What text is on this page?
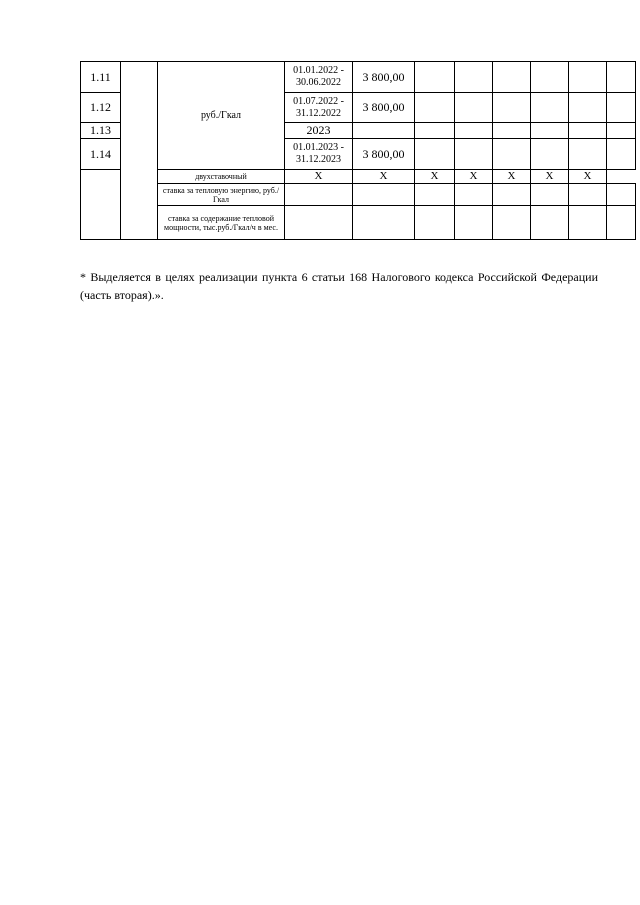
1.11		руб./Гкал	01.01.2022 - 30.06.2022	3 800,00						
1.12			01.07.2022 - 31.12.2022	3 800,00						
1.13			2023							
1.14			01.01.2023 - 31.12.2023	3 800,00						
		двухставочный	Х	Х	Х	Х	Х	Х	Х	
		ставка за тепловую энергию, руб./Гкал								
		ставка за содержание тепловой мощности, тыс.руб./Гкал/ч в мес.								

* Выделяется в целях реализации пункта 6 статьи 168 Налогового кодекса Российской Федерации (часть вторая).».
